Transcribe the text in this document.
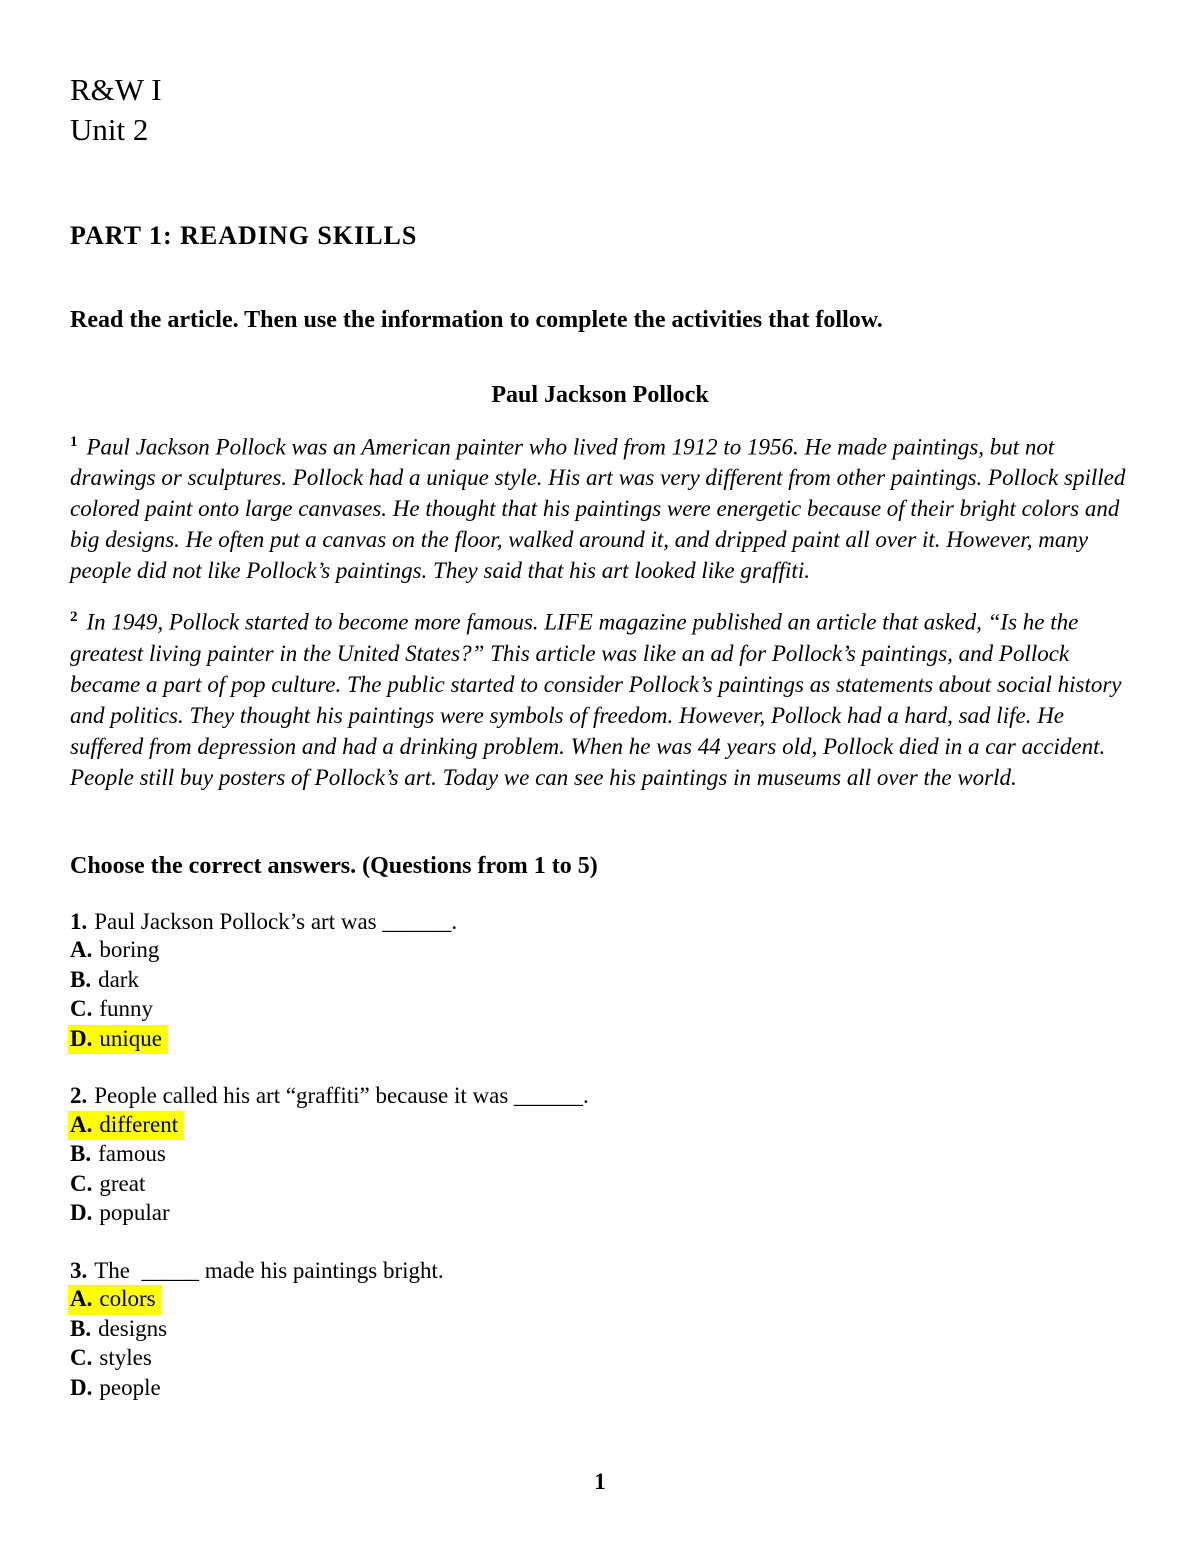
R&W I
Unit 2
PART 1: READING SKILLS
Read the article. Then use the information to complete the activities that follow.
Paul Jackson Pollock

$^1$ Paul Jackson Pollock was an American painter who lived from 1912 to 1956. He made paintings, but not drawings or sculptures. Pollock had a unique style. His art was very different from other paintings. Pollock spilled colored paint onto large canvases. He thought that his paintings were energetic because of their bright colors and big designs. He often put a canvas on the floor, walked around it, and dripped paint all over it. However, many people did not like Pollock’s paintings. They said that his art looked like graffiti.

$^2$ In 1949, Pollock started to become more famous. LIFE magazine published an article that asked, “Is he the greatest living painter in the United States?” This article was like an ad for Pollock’s paintings, and Pollock became a part of pop culture. The public started to consider Pollock’s paintings as statements about social history and politics. They thought his paintings were symbols of freedom. However, Pollock had a hard, sad life. He suffered from depression and had a drinking problem. When he was 44 years old, Pollock died in a car accident. People still buy posters of Pollock’s art. Today we can see his paintings in museums all over the world.

Choose the correct answers. (Questions from 1 to 5)

1. Paul Jackson Pollock’s art was ______.

A. boring
B. dark
C. funny
D. unique

2. People called his art “graffiti” because it was ______.

A. different
B. famous
C. great
D. popular

3. The  _____ made his paintings bright.

A. colors
B. designs
C. styles
D. people
1
